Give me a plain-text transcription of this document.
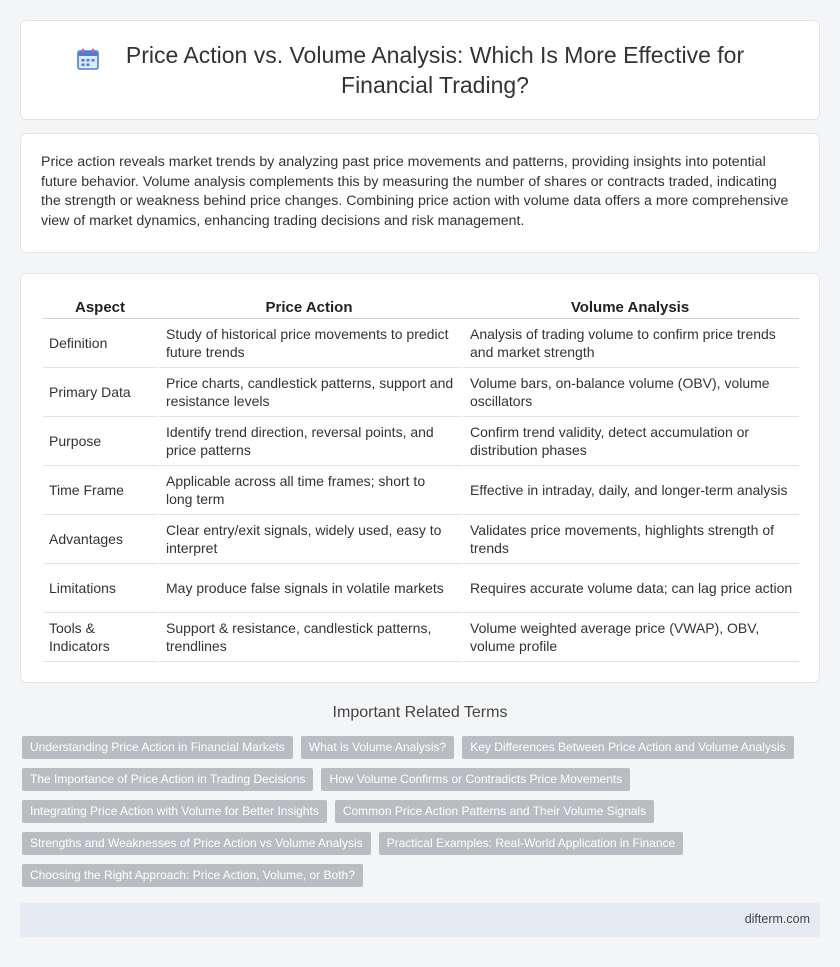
Price Action vs. Volume Analysis: Which Is More Effective for Financial Trading?

Price action reveals market trends by analyzing past price movements and patterns, providing insights into potential future behavior. Volume analysis complements this by measuring the number of shares or contracts traded, indicating the strength or weakness behind price changes. Combining price action with volume data offers a more comprehensive view of market dynamics, enhancing trading decisions and risk management.

Aspect	Price Action	Volume Analysis
Definition	Study of historical price movements to predict future trends	Analysis of trading volume to confirm price trends and market strength
Primary Data	Price charts, candlestick patterns, support and resistance levels	Volume bars, on-balance volume (OBV), volume oscillators
Purpose	Identify trend direction, reversal points, and price patterns	Confirm trend validity, detect accumulation or distribution phases
Time Frame	Applicable across all time frames; short to long term	Effective in intraday, daily, and longer-term analysis
Advantages	Clear entry/exit signals, widely used, easy to interpret	Validates price movements, highlights strength of trends
Limitations	May produce false signals in volatile markets	Requires accurate volume data; can lag price action
Tools & Indicators	Support & resistance, candlestick patterns, trendlines	Volume weighted average price (VWAP), OBV, volume profile
Important Related Terms
Understanding Price Action in Financial Markets	What is Volume Analysis?	Key Differences Between Price Action and Volume Analysis
The Importance of Price Action in Trading Decisions	How Volume Confirms or Contradicts Price Movements
Integrating Price Action with Volume for Better Insights	Common Price Action Patterns and Their Volume Signals
Strengths and Weaknesses of Price Action vs Volume Analysis	Practical Examples: Real-World Application in Finance
Choosing the Right Approach: Price Action, Volume, or Both?
difterm.com
